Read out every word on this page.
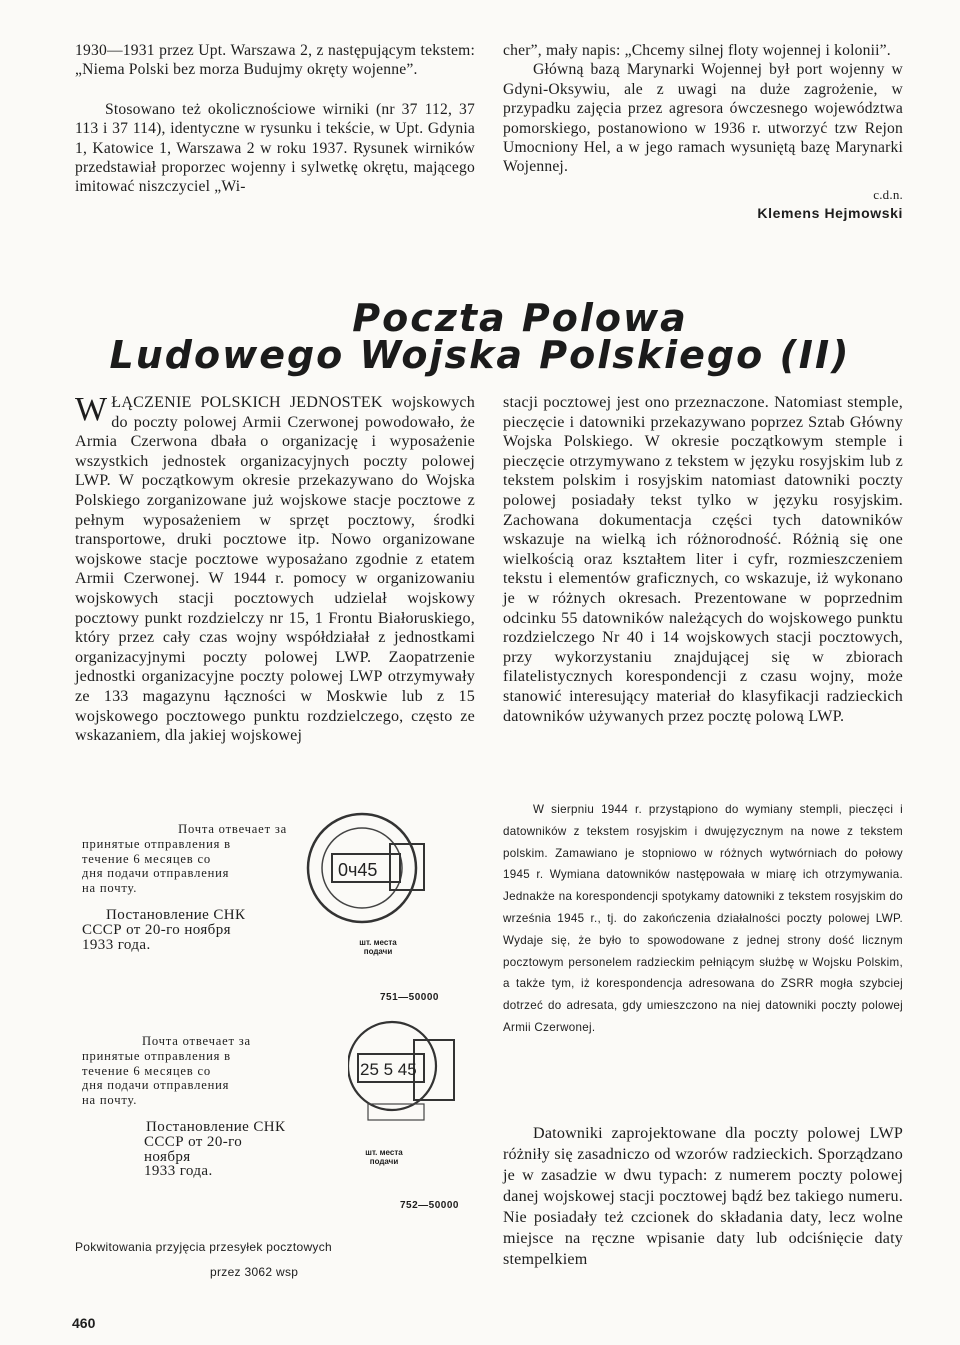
1930—1931 przez Upt. Warszawa 2, z następującym tekstem: „Niema Polski bez morza Budujmy okręty wojenne”.

Stosowano też okolicznościowe wirniki (nr 37 112, 37 113 i 37 114), identyczne w rysunku i tekście, w Upt. Gdynia 1, Katowice 1, Warszawa 2 w roku 1937. Rysunek wirników przedstawiał proporzec wojenny i sylwetkę okrętu, mającego imitować niszczyciel „Wi-

cher”, mały napis: „Chcemy silnej floty wojennej i kolonii”.

Główną bazą Marynarki Wojennej był port wojenny w Gdyni-Oksywiu, ale z uwagi na duże zagrożenie, w przypadku zajęcia przez agresora ówczesnego województwa pomorskiego, postanowiono w 1936 r. utworzyć tzw Rejon Umocniony Hel, a w jego ramach wysuniętą bazę Marynarki Wojennej.

c.d.n.

Klemens Hejmowski

Poczta Polowa
Ludowego Wojska Polskiego (II)

WŁĄCZENIE POLSKICH JEDNOSTEK wojskowych do poczty polowej Armii Czerwonej powodowało, że Armia Czerwona dbała o organizację i wyposażenie wszystkich jednostek organizacyjnych poczty polowej LWP. W początkowym okresie przekazywano do Wojska Polskiego zorganizowane już wojskowe stacje pocztowe z pełnym wyposażeniem w sprzęt pocztowy, środki transportowe, druki pocztowe itp. Nowo organizowane wojskowe stacje pocztowe wyposażano zgodnie z etatem Armii Czerwonej. W 1944 r. pomocy w organizowaniu wojskowych stacji pocztowych udzielał wojskowy pocztowy punkt rozdzielczy nr 15, 1 Frontu Białoruskiego, który przez cały czas wojny współdziałał z jednostkami organizacyjnymi poczty polowej LWP. Zaopatrzenie jednostki organizacyjne poczty polowej LWP otrzymywały ze 133 magazynu łączności w Moskwie lub z 15 wojskowego pocztowego punktu rozdzielczego, często ze wskazaniem, dla jakiej wojskowej

stacji pocztowej jest ono przeznaczone. Natomiast stemple, pieczęcie i datowniki przekazywano poprzez Sztab Główny Wojska Polskiego. W okresie początkowym stemple i pieczęcie otrzymywano z tekstem w języku rosyjskim lub z tekstem polskim i rosyjskim natomiast datowniki poczty polowej posiadały tekst tylko w języku rosyjskim. Zachowana dokumentacja części tych datowników wskazuje na wielką ich różnorodność. Różnią się one wielkością oraz kształtem liter i cyfr, rozmieszczeniem tekstu i elementów graficznych, co wskazuje, iż wykonano je w różnych okresach. Prezentowane w poprzednim odcinku 55 datowników należących do wojskowego punktu rozdzielczego Nr 40 i 14 wojskowych stacji pocztowych, przy wykorzystaniu znajdującej się w zbiorach filatelistycznych korespondencji z czasu wojny, może stanowić interesujący materiał do klasyfikacji radzieckich datowników używanych przez pocztę polową LWP.

W sierpniu 1944 r. przystąpiono do wymiany stempli, pieczęci i datowników z tekstem rosyjskim i dwujęzycznym na nowe z tekstem polskim. Zamawiano je stopniowo w różnych wytwórniach do połowy 1945 r. Wymiana datowników następowała w miarę ich otrzymywania. Jednakże na korespondencji spotykamy datowniki z tekstem rosyjskim do września 1945 r., tj. do zakończenia działalności poczty polowej LWP. Wydaje się, że było to spowodowane z jednej strony dość licznym pocztowym personelem radzieckim pełniącym służbę w Wojsku Polskim, a także tym, iż korespondencja adresowana do ZSRR mogła szybciej dotrzeć do adresata, gdy umieszczono na niej datowniki poczty polowej Armii Czerwonej.

Datowniki zaprojektowane dla poczty polowej LWP różniły się zasadniczo od wzorów radzieckich. Sporządzano je w zasadzie w dwu typach: z numerem poczty polowej danej wojskowej stacji pocztowej bądź bez takiego numeru. Nie posiadały też czcionek do składania daty, lecz wolne miejsce na ręczne wpisanie daty lub odciśnięcie daty stempelkiem

Почта отвечает за
принятые отправления в
течение 6 месяцев со
дня подачи отправления
на почту.
Постановление СНК
СССР от 20-го ноября
1933 года.
0ч45
шт. места подачи
751—50000
Почта отвечает за
принятые отправления в
течение 6 месяцев со
дня подачи отправления
на почту.
Постановление СНК
СССР от 20-го ноября
1933 года.
25 5 45
шт. места подачи
752—50000
Pokwitowania przyjęcia przesyłek pocztowych
przez 3062 wsp
460
